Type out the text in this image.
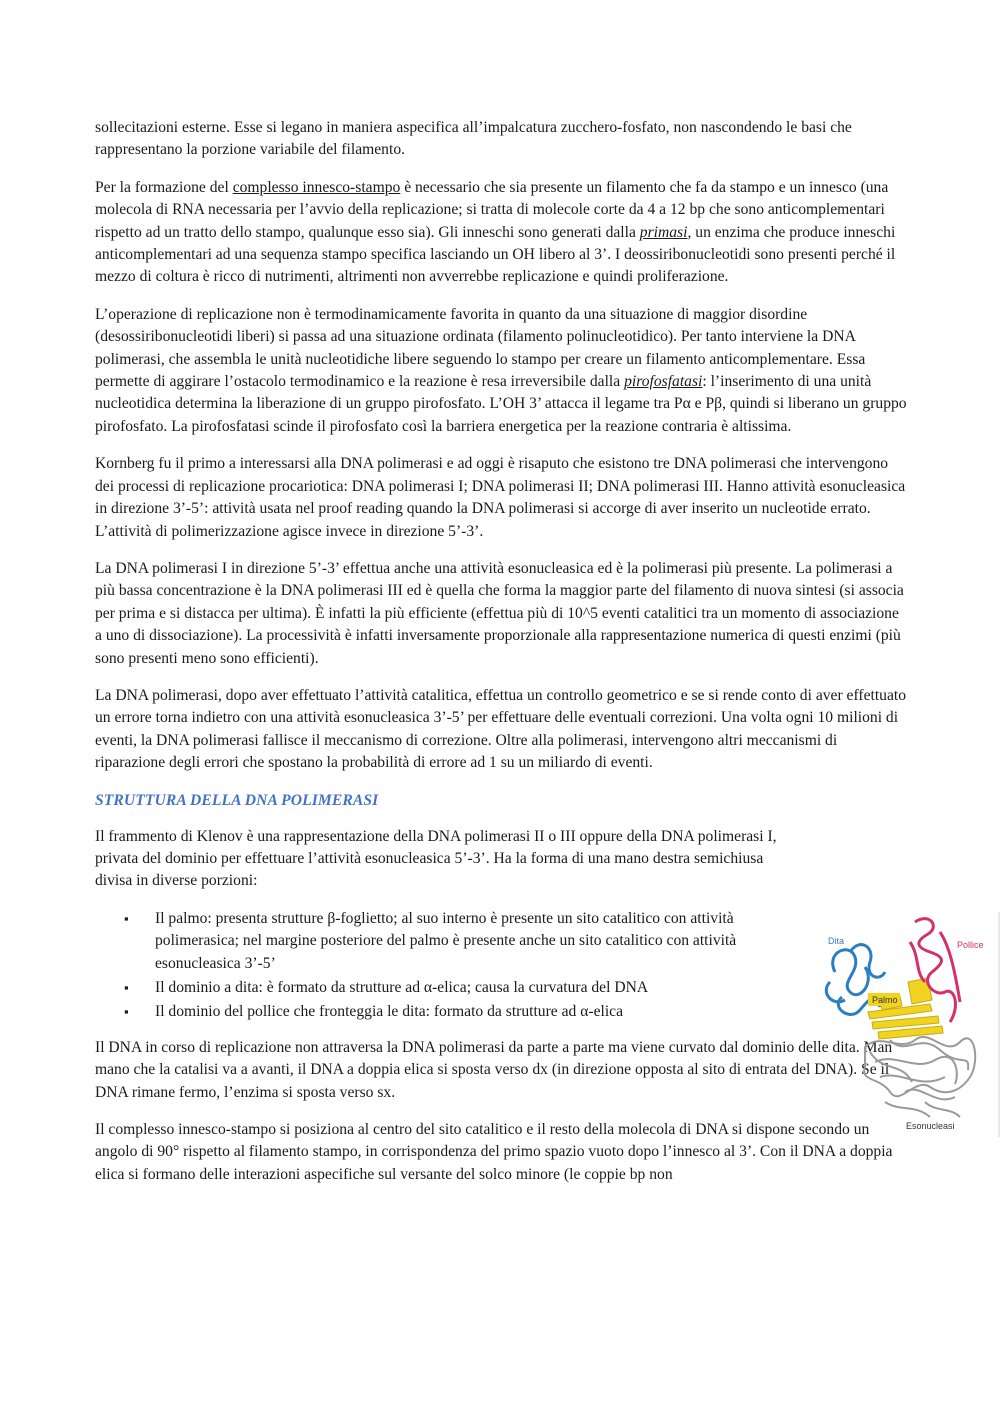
sollecitazioni esterne. Esse si legano in maniera aspecifica all’impalcatura zucchero-fosfato, non nascondendo le basi che rappresentano la porzione variabile del filamento.

Per la formazione del complesso innesco-stampo è necessario che sia presente un filamento che fa da stampo e un innesco (una molecola di RNA necessaria per l’avvio della replicazione; si tratta di molecole corte da 4 a 12 bp che sono anticomplementari rispetto ad un tratto dello stampo, qualunque esso sia). Gli inneschi sono generati dalla primasi, un enzima che produce inneschi anticomplementari ad una sequenza stampo specifica lasciando un OH libero al 3’. I deossiribonucleotidi sono presenti perché il mezzo di coltura è ricco di nutrimenti, altrimenti non avverrebbe replicazione e quindi proliferazione.

L’operazione di replicazione non è termodinamicamente favorita in quanto da una situazione di maggior disordine (desossiribonucleotidi liberi) si passa ad una situazione ordinata (filamento polinucleotidico). Per tanto interviene la DNA polimerasi, che assembla le unità nucleotidiche libere seguendo lo stampo per creare un filamento anticomplementare. Essa permette di aggirare l’ostacolo termodinamico e la reazione è resa irreversibile dalla pirofosfatasi: l’inserimento di una unità nucleotidica determina la liberazione di un gruppo pirofosfato. L’OH 3’ attacca il legame tra Pα e Pβ, quindi si liberano un gruppo pirofosfato. La pirofosfatasi scinde il pirofosfato così la barriera energetica per la reazione contraria è altissima.

Kornberg fu il primo a interessarsi alla DNA polimerasi e ad oggi è risaputo che esistono tre DNA polimerasi che intervengono dei processi di replicazione procariotica: DNA polimerasi I; DNA polimerasi II; DNA polimerasi III. Hanno attività esonucleasica in direzione 3’-5’: attività usata nel proof reading quando la DNA polimerasi si accorge di aver inserito un nucleotide errato. L’attività di polimerizzazione agisce invece in direzione 5’-3’.

La DNA polimerasi I in direzione 5’-3’ effettua anche una attività esonucleasica ed è la polimerasi più presente. La polimerasi a più bassa concentrazione è la DNA polimerasi III ed è quella che forma la maggior parte del filamento di nuova sintesi (si associa per prima e si distacca per ultima). È infatti la più efficiente (effettua più di 10^5 eventi catalitici tra un momento di associazione a uno di dissociazione). La processività è infatti inversamente proporzionale alla rappresentazione numerica di questi enzimi (più sono presenti meno sono efficienti).

La DNA polimerasi, dopo aver effettuato l’attività catalitica, effettua un controllo geometrico e se si rende conto di aver effettuato un errore torna indietro con una attività esonucleasica 3’-5’ per effettuare delle eventuali correzioni. Una volta ogni 10 milioni di eventi, la DNA polimerasi fallisce il meccanismo di correzione. Oltre alla polimerasi, intervengono altri meccanismi di riparazione degli errori che spostano la probabilità di errore ad 1 su un miliardo di eventi.

STRUTTURA DELLA DNA POLIMERASI

Il frammento di Klenov è una rappresentazione della DNA polimerasi II o III oppure della DNA polimerasi I, privata del dominio per effettuare l’attività esonucleasica 5’-3’. Ha la forma di una mano destra semichiusa divisa in diverse porzioni:

▪ Il palmo: presenta strutture β-foglietto; al suo interno è presente un sito catalitico con attività polimerasica; nel margine posteriore del palmo è presente anche un sito catalitico con attività esonucleasica 3’-5’
▪ Il dominio a dita: è formato da strutture ad α-elica; causa la curvatura del DNA
▪ Il dominio del pollice che fronteggia le dita: formato da strutture ad α-elica

Il DNA in corso di replicazione non attraversa la DNA polimerasi da parte a parte ma viene curvato dal dominio delle dita. Man mano che la catalisi va a avanti, il DNA a doppia elica si sposta verso dx (in direzione opposta al sito di entrata del DNA). Se il DNA rimane fermo, l’enzima si sposta verso sx.

Il complesso innesco-stampo si posiziona al centro del sito catalitico e il resto della molecola di DNA si dispone secondo un angolo di 90° rispetto al filamento stampo, in corrispondenza del primo spazio vuoto dopo l’innesco al 3’. Con il DNA a doppia elica si formano delle interazioni aspecifiche sul versante del solco minore (le coppie bp non

Dita	Pollice
Palmo
Esonucleasi
